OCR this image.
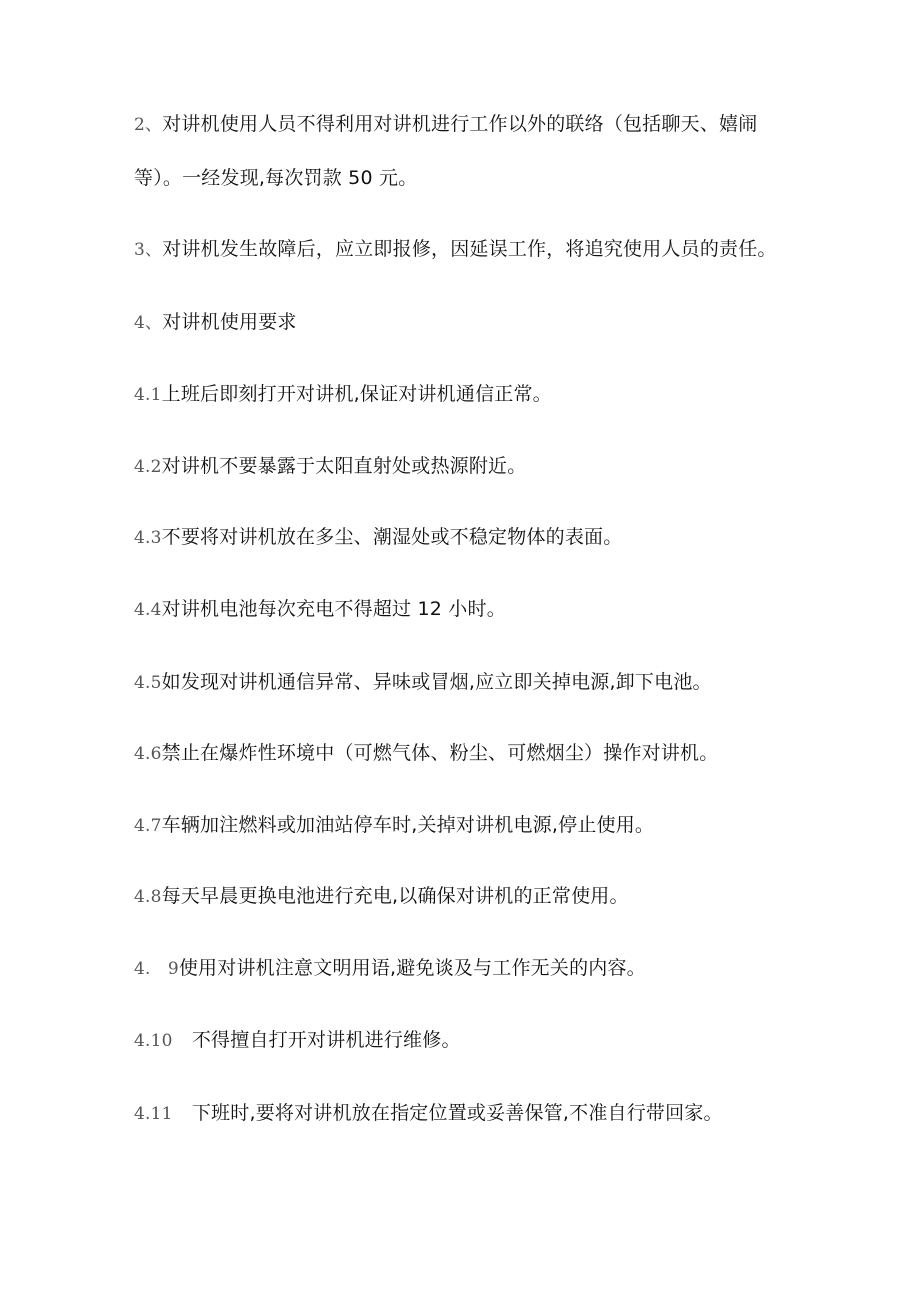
2、对讲机使用人员不得利用对讲机进行工作以外的联络（包括聊天、嬉闹
等）。一经发现,每次罚款 50 元。
3、对讲机发生故障后，应立即报修，因延误工作，将追究使用人员的责任。
4、对讲机使用要求
4.1上班后即刻打开对讲机,保证对讲机通信正常。
4.2对讲机不要暴露于太阳直射处或热源附近。
4.3不要将对讲机放在多尘、潮湿处或不稳定物体的表面。
4.4对讲机电池每次充电不得超过 12 小时。
4.5如发现对讲机通信异常、异味或冒烟,应立即关掉电源,卸下电池。
4.6禁止在爆炸性环境中（可燃气体、粉尘、可燃烟尘）操作对讲机。
4.7车辆加注燃料或加油站停车时,关掉对讲机电源,停止使用。
4.8每天早晨更换电池进行充电,以确保对讲机的正常使用。
4.　9使用对讲机注意文明用语,避免谈及与工作无关的内容。
4.10　不得擅自打开对讲机进行维修。
4.11　下班时,要将对讲机放在指定位置或妥善保管,不准自行带回家。
